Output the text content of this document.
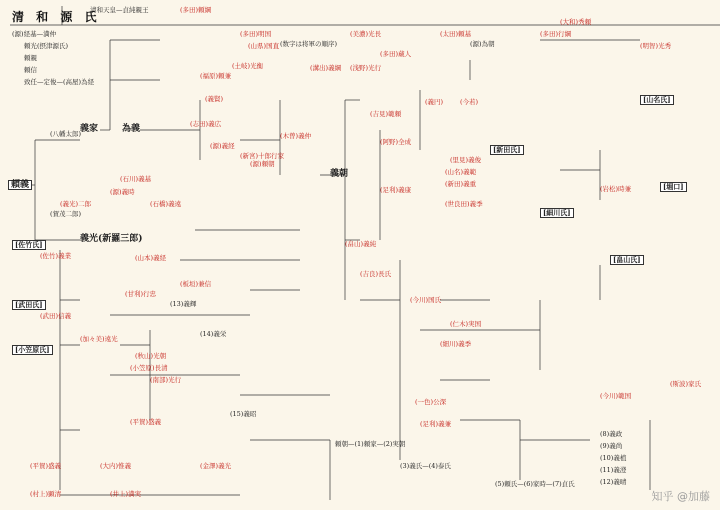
清 和 源 氏
頼義
(源)経基—満仲
頼光(摂津源氏)
頼親
頼信
致任—定俊—(高屋)為経
(八幡太郎)
(賀茂二郎)
義家	為義
義光(新羅三郎)
清和天皇—貞純親王	(多田)頼綱
(多田)明国
(山県)国直
(土岐)光衡
(福原)頼兼
(溝出)義綱
(美濃)光長
(多田)蔵人
(浅野)光行
(太田)頼基
(大和)秀頼
(多田)行綱
(明智)光秀
[山名氏]
(義賢)
(志田)義広
(新宮)十郎行家
(木曽)義仲
義朝
(吉見)範頼
(阿野)全成
(義円)	(今若)
[新田氏]
(里見)義俊
(山名)義範
(新田)義重
(世良田)義季
(足利)義康	(岩松)時兼	[堀口]
[細川氏]
(石川)義基
(源)義時
(義光)二郎	(石橋)義遠
[佐竹氏]
(佐竹)義業	(山本)義経
(畠山)義純
(吉良)長氏
(今川)国氏
[畠山氏]
[武田氏]
(武田)信義
(甘利)行忠
(板垣)兼信
[小笠原氏]
(加々美)遠光
(秋山)光朝
(小笠原)長清
(南部)光行
(平賀)盛義
(源)頼朝
(源)義経
(仁木)実国
(細川)義季
(斯波)家氏
(一色)公深
(今川)範国
(足利)義兼
(平賀)盛義	(大内)惟義	(金澤)義光
(村上)顕清	(井上)満実
頼朝—(1)頼家—(2)実朝
(3)義氏—(4)泰氏
(5)頼氏—(6)家時—(7)貞氏
(8)義政
(9)義尚
(10)義植
(11)義澄
(12)義晴
(13)義輝
(14)義栄
(15)義昭
(数字は将軍の順序)	(源)為朝
知乎 @加藤
